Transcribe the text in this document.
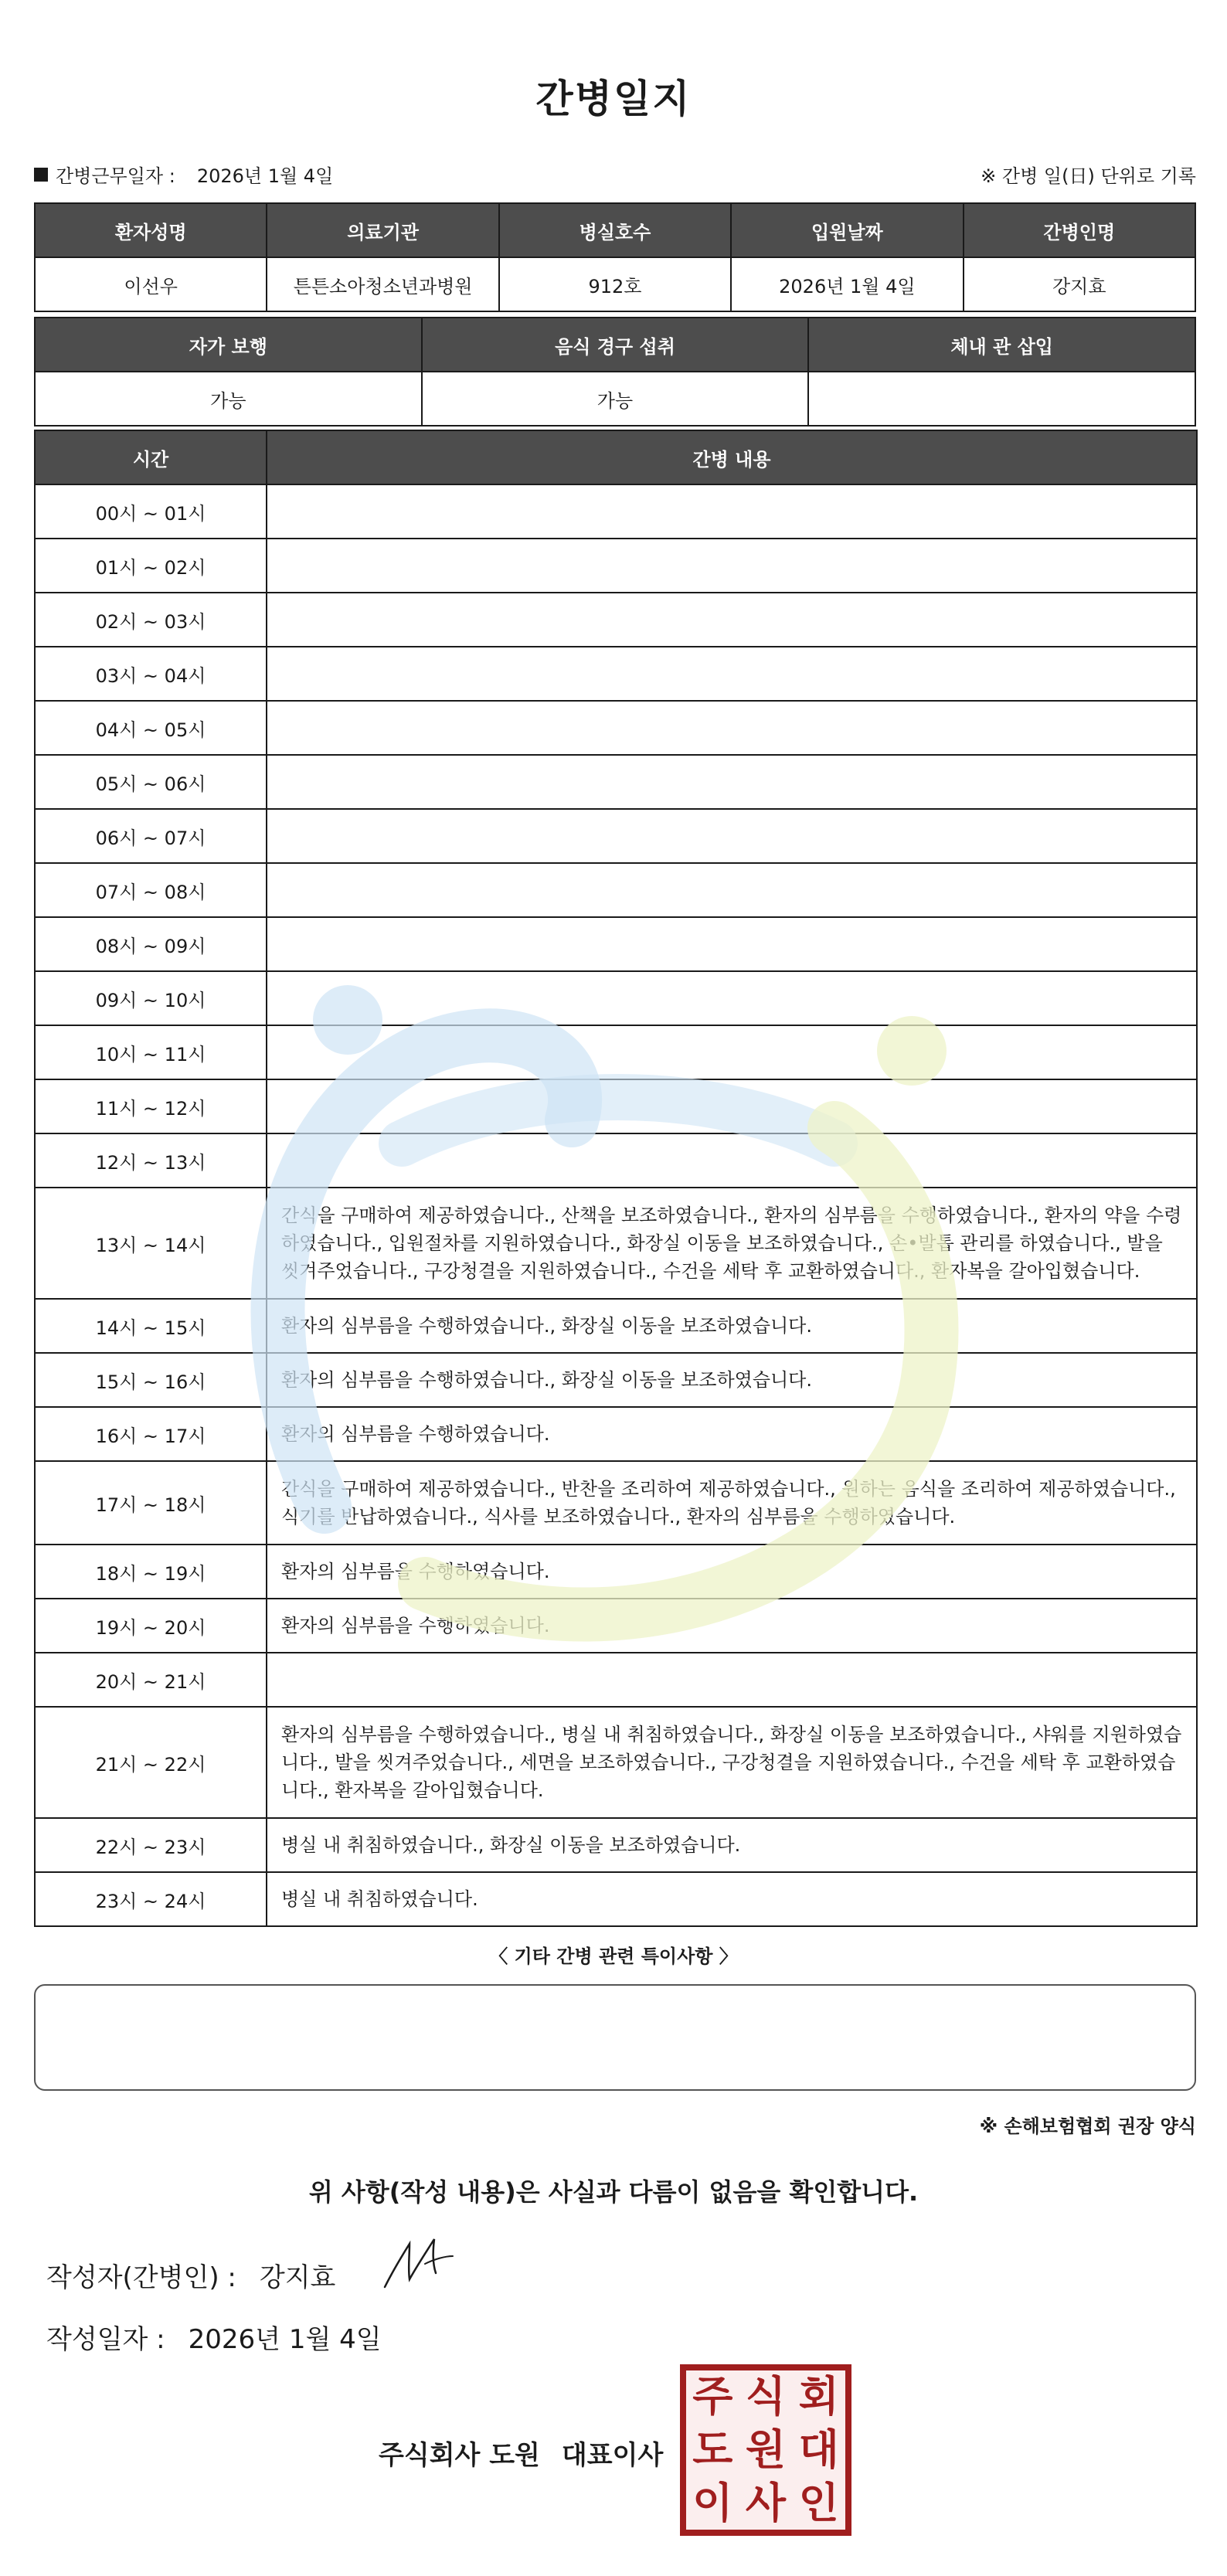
간병일지
간병근무일자 : 2026년 1월 4일	※ 간병 일(日) 단위로 기록
환자성명	의료기관	병실호수	입원날짜	간병인명
이선우	튼튼소아청소년과병원	912호	2026년 1월 4일	강지효
자가 보행	음식 경구 섭취	체내 관 삽입
가능	가능	
시간	간병 내용
00시 ~ 01시	
01시 ~ 02시	
02시 ~ 03시	
03시 ~ 04시	
04시 ~ 05시	
05시 ~ 06시	
06시 ~ 07시	
07시 ~ 08시	
08시 ~ 09시	
09시 ~ 10시	
10시 ~ 11시	
11시 ~ 12시	
12시 ~ 13시	
13시 ~ 14시	간식을 구매하여 제공하였습니다., 산책을 보조하였습니다., 환자의 심부름을 수행하였습니다., 환자의 약을 수령하였습니다., 입원절차를 지원하였습니다., 화장실 이동을 보조하였습니다., 손•발톱 관리를 하였습니다., 발을 씻겨주었습니다., 구강청결을 지원하였습니다., 수건을 세탁 후 교환하였습니다., 환자복을 갈아입혔습니다.
14시 ~ 15시	환자의 심부름을 수행하였습니다., 화장실 이동을 보조하였습니다.
15시 ~ 16시	환자의 심부름을 수행하였습니다., 화장실 이동을 보조하였습니다.
16시 ~ 17시	환자의 심부름을 수행하였습니다.
17시 ~ 18시	간식을 구매하여 제공하였습니다., 반찬을 조리하여 제공하였습니다., 원하는 음식을 조리하여 제공하였습니다., 식기를 반납하였습니다., 식사를 보조하였습니다., 환자의 심부름을 수행하였습니다.
18시 ~ 19시	환자의 심부름을 수행하였습니다.
19시 ~ 20시	환자의 심부름을 수행하였습니다.
20시 ~ 21시	
21시 ~ 22시	환자의 심부름을 수행하였습니다., 병실 내 취침하였습니다., 화장실 이동을 보조하였습니다., 샤워를 지원하였습니다., 발을 씻겨주었습니다., 세면을 보조하였습니다., 구강청결을 지원하였습니다., 수건을 세탁 후 교환하였습니다., 환자복을 갈아입혔습니다.
22시 ~ 23시	병실 내 취침하였습니다., 화장실 이동을 보조하였습니다.
23시 ~ 24시	병실 내 취침하였습니다.
〈 기타 간병 관련 특이사항 〉
※ 손해보험협회 권장 양식
위 사항(작성 내용)은 사실과 다름이 없음을 확인합니다.
작성자(간병인) : 강지효
작성일자 : 2026년 1월 4일
주식회사 도원 대표이사
주 식 회
도 원 대
이 사 인
